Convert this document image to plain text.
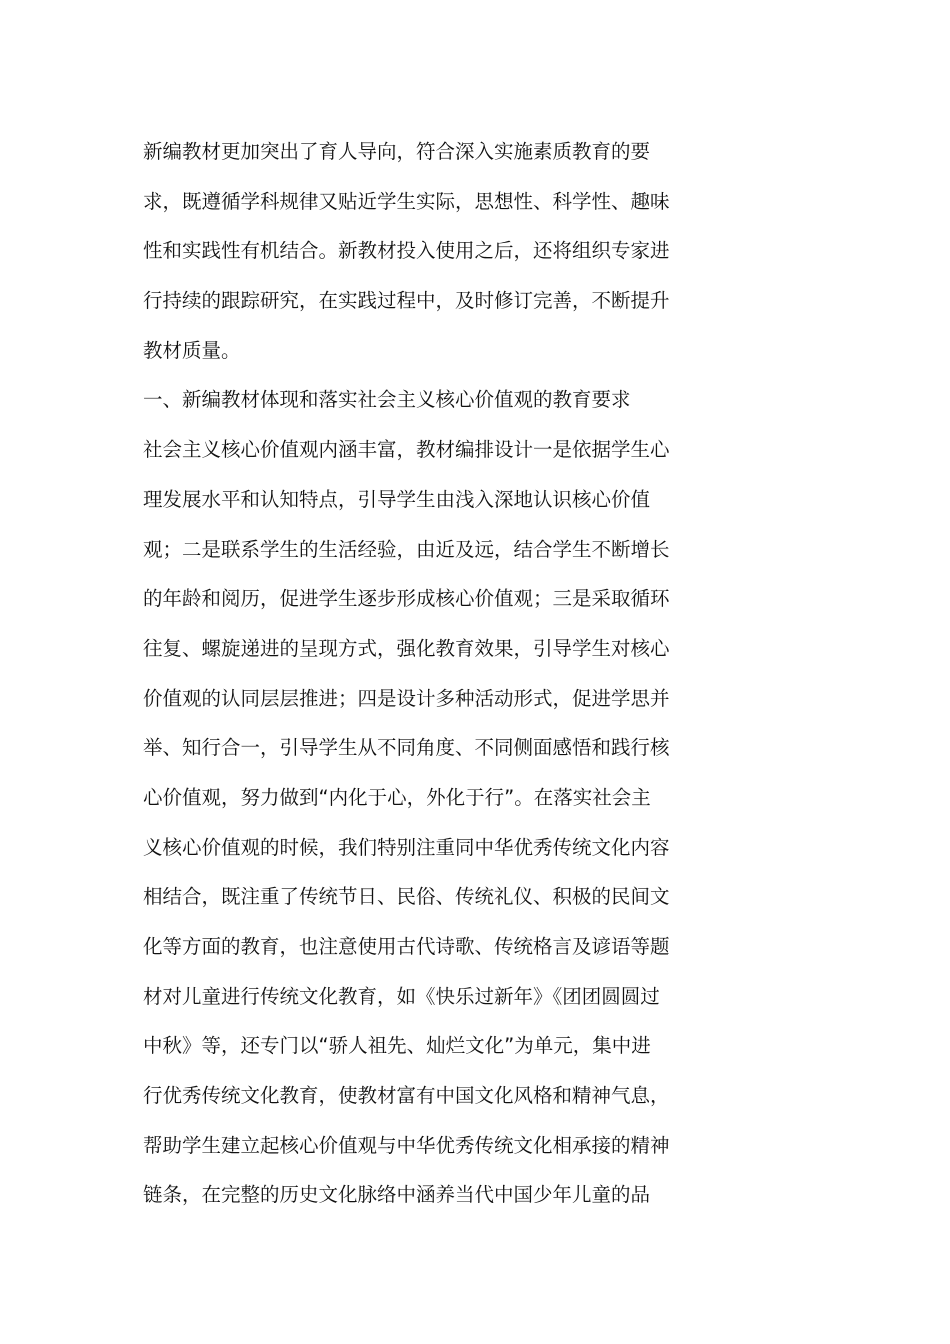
新编教材更加突出了育人导向，符合深入实施素质教育的要
求，既遵循学科规律又贴近学生实际，思想性、科学性、趣味
性和实践性有机结合。新教材投入使用之后，还将组织专家进
行持续的跟踪研究，在实践过程中，及时修订完善，不断提升
教材质量。
一、新编教材体现和落实社会主义核心价值观的教育要求
社会主义核心价值观内涵丰富，教材编排设计一是依据学生心
理发展水平和认知特点，引导学生由浅入深地认识核心价值
观；二是联系学生的生活经验，由近及远，结合学生不断增长
的年龄和阅历，促进学生逐步形成核心价值观；三是采取循环
往复、螺旋递进的呈现方式，强化教育效果，引导学生对核心
价值观的认同层层推进；四是设计多种活动形式，促进学思并
举、知行合一，引导学生从不同角度、不同侧面感悟和践行核
心价值观，努力做到“内化于心，外化于行”。在落实社会主
义核心价值观的时候，我们特别注重同中华优秀传统文化内容
相结合，既注重了传统节日、民俗、传统礼仪、积极的民间文
化等方面的教育，也注意使用古代诗歌、传统格言及谚语等题
材对儿童进行传统文化教育，如《快乐过新年》《团团圆圆过
中秋》等，还专门以“骄人祖先、灿烂文化”为单元，集中进
行优秀传统文化教育，使教材富有中国文化风格和精神气息，
帮助学生建立起核心价值观与中华优秀传统文化相承接的精神
链条，在完整的历史文化脉络中涵养当代中国少年儿童的品
